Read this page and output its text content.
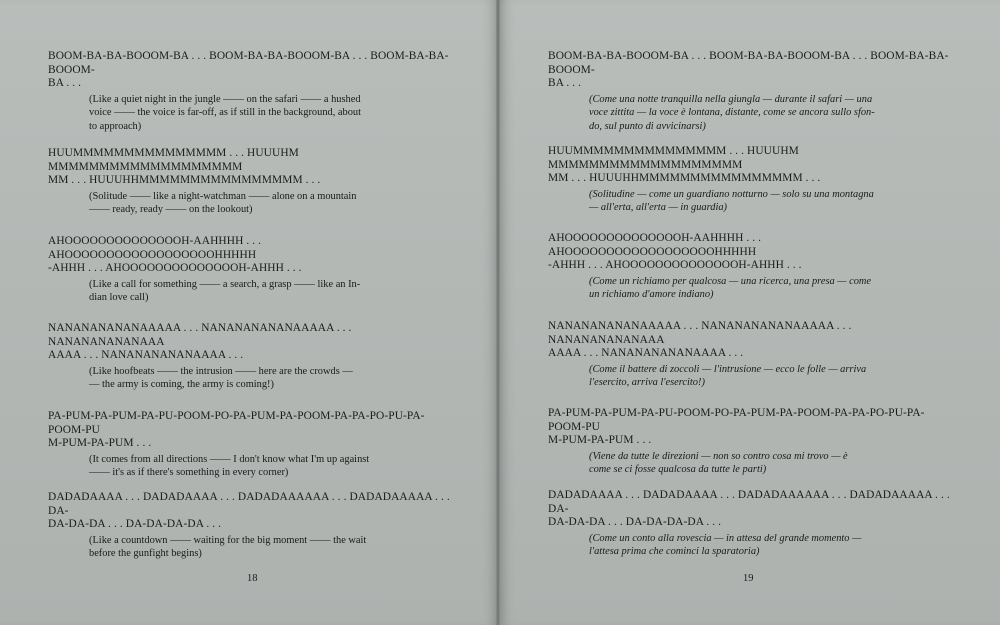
BOOM-BA-BA-BOOOM-BA . . . BOOM-BA-BA-BOOOM-BA . . . BOOM-BA-BA-BOOOM-
BA . . .

(Like a quiet night in the jungle —— on the safari —— a hushed
voice —— the voice is far-off, as if still in the background, about
to approach)

HUUMMMMMMMMMMMMMMM . . . HUUUHM MMMMMMMMMMMMMMMMMMM
MM . . . HUUUHHMMMMMMMMMMMMMMMM . . .

(Solitude —— like a night-watchman —— alone on a mountain
—— ready, ready —— on the lookout)

AHOOOOOOOOOOOOOOH-AAHHHH . . . AHOOOOOOOOOOOOOOOOOOHHHHH
-AHHH . . . AHOOOOOOOOOOOOOOH-AHHH . . .

(Like a call for something —— a search, a grasp —— like an In-
dian love call)

NANANANANANAAAAA . . . NANANANANANAAAAA . . . NANANANANANAAA
AAAA . . . NANANANANANAAAA . . .

(Like hoofbeats —— the intrusion —— here are the crowds —
— the army is coming, the army is coming!)

PA-PUM-PA-PUM-PA-PU-POOM-PO-PA-PUM-PA-POOM-PA-PA-PO-PU-PA-POOM-PU
M-PUM-PA-PUM . . .

(It comes from all directions —— I don't know what I'm up against
—— it's as if there's something in every corner)

DADADAAAA . . . DADADAAAA . . . DADADAAAAAA . . . DADADAAAAA . . . DA-
DA-DA-DA . . . DA-DA-DA-DA . . .

(Like a countdown —— waiting for the big moment —— the wait
before the gunfight begins)

18

BOOM-BA-BA-BOOOM-BA . . . BOOM-BA-BA-BOOOM-BA . . . BOOM-BA-BA-BOOOM-
BA . . .

(Come una notte tranquilla nella giungla — durante il safari — una
voce zittita — la voce è lontana, distante, come se ancora sullo sfon-
do, sul punto di avvicinarsi)

HUUMMMMMMMMMMMMMMM . . . HUUUHM MMMMMMMMMMMMMMMMMMM
MM . . . HUUUHHMMMMMMMMMMMMMMMM . . .

(Solitudine — come un guardiano notturno — solo su una montagna
— all'erta, all'erta — in guardia)

AHOOOOOOOOOOOOOOH-AAHHHH . . . AHOOOOOOOOOOOOOOOOOOHHHHH
-AHHH . . . AHOOOOOOOOOOOOOOH-AHHH . . .

(Come un richiamo per qualcosa — una ricerca, una presa — come
un richiamo d'amore indiano)

NANANANANANAAAAA . . . NANANANANANAAAAA . . . NANANANANANAAA
AAAA . . . NANANANANANAAAA . . .

(Come il battere di zoccoli — l'intrusione — ecco le folle — arriva
l'esercito, arriva l'esercito!)

PA-PUM-PA-PUM-PA-PU-POOM-PO-PA-PUM-PA-POOM-PA-PA-PO-PU-PA-POOM-PU
M-PUM-PA-PUM . . .

(Viene da tutte le direzioni — non so contro cosa mi trovo — è
come se ci fosse qualcosa da tutte le parti)

DADADAAAA . . . DADADAAAA . . . DADADAAAAAA . . . DADADAAAAA . . . DA-
DA-DA-DA . . . DA-DA-DA-DA . . .

(Come un conto alla rovescia — in attesa del grande momento —
l'attesa prima che cominci la sparatoria)

19
